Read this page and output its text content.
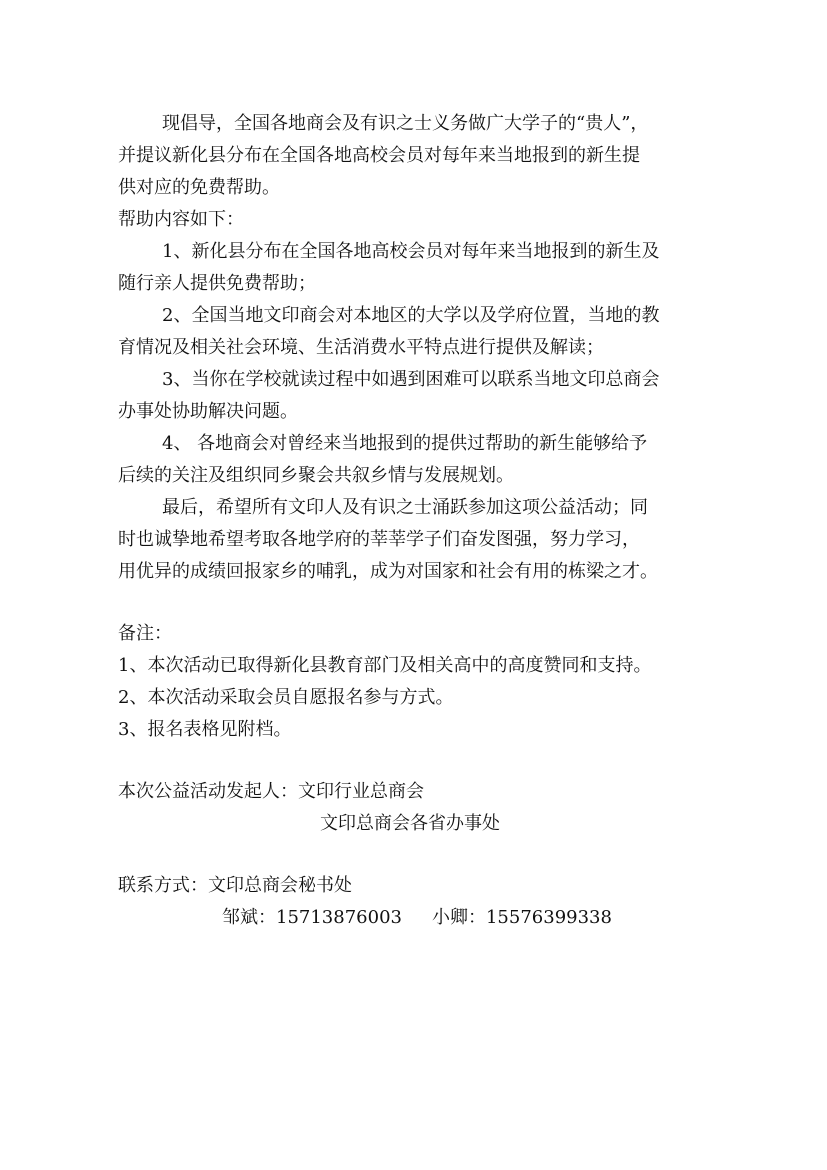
现倡导，全国各地商会及有识之士义务做广大学子的“贵人”，
并提议新化县分布在全国各地高校会员对每年来当地报到的新生提
供对应的免费帮助。
帮助内容如下：
1、新化县分布在全国各地高校会员对每年来当地报到的新生及
随行亲人提供免费帮助；
2、全国当地文印商会对本地区的大学以及学府位置，当地的教
育情况及相关社会环境、生活消费水平特点进行提供及解读；
3、当你在学校就读过程中如遇到困难可以联系当地文印总商会
办事处协助解决问题。
4、 各地商会对曾经来当地报到的提供过帮助的新生能够给予
后续的关注及组织同乡聚会共叙乡情与发展规划。
最后，希望所有文印人及有识之士涌跃参加这项公益活动；同
时也诚挚地希望考取各地学府的莘莘学子们奋发图强，努力学习，
用优异的成绩回报家乡的哺乳，成为对国家和社会有用的栋梁之才。
备注：
1、本次活动已取得新化县教育部门及相关高中的高度赞同和支持。
2、本次活动采取会员自愿报名参与方式。
3、报名表格见附档。
本次公益活动发起人：文印行业总商会
文印总商会各省办事处
联系方式：文印总商会秘书处
邹斌：15713876003 小卿：15576399338
